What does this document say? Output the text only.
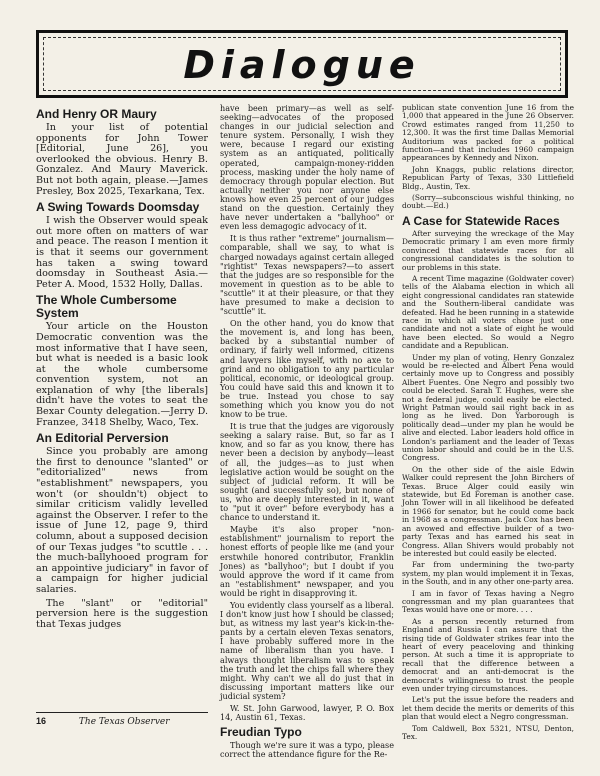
Dialogue
And Henry OR Maury

In your list of potential opponents for John Tower [Editorial, June 26], you overlooked the obvious. Henry B. Gonzalez. And Maury Maverick. But not both again, please.—James Presley, Box 2025, Texarkana, Tex.

A Swing Towards Doomsday

I wish the Observer would speak out more often on matters of war and peace. The reason I mention it is that it seems our government has taken a swing toward doomsday in Southeast Asia.—Peter A. Mood, 1532 Holly, Dallas.

The Whole Cumbersome System

Your article on the Houston Democratic convention was the most informative that I have seen, but what is needed is a basic look at the whole cumbersome convention system, not an explanation of why [the liberals] didn't have the votes to seat the Bexar County delegation.—Jerry D. Franzee, 3418 Shelby, Waco, Tex.

An Editorial Perversion

Since you probably are among the first to denounce "slanted" or "editorialized" news from "establishment" newspapers, you won't (or shouldn't) object to similar criticism validly levelled against the Observer. I refer to the issue of June 12, page 9, third column, about a supposed decision of our Texas judges "to scuttle . . . the much-ballyhooed program for an appointive judiciary" in favor of a campaign for higher judicial salaries.

The "slant" or "editorial" perversion here is the suggestion that Texas judges

16	The Texas Observer

have been primary—as well as self-seeking—advocates of the proposed changes in our judicial selection and tenure system. Personally, I wish they were, because I regard our existing system as an antiquated, politically operated, campaign-money-ridden process, masking under the holy name of democracy through popular election. But actually neither you nor anyone else knows how even 25 percent of our judges stand on the question. Certainly they have never undertaken a "ballyhoo" or even less demagogic advocacy of it.

It is thus rather "extreme" journalism—comparable, shall we say, to what is charged nowadays against certain alleged "rightist" Texas newspapers?—to assert that the judges are so responsible for the movement in question as to be able to "scuttle" it at their pleasure, or that they have presumed to make a decision to "scuttle" it.

On the other hand, you do know that the movement is, and long has been, backed by a substantial number of ordinary, if fairly well informed, citizens and lawyers like myself, with no axe to grind and no obligation to any particular political, economic, or ideological group. You could have said this and known it to be true. Instead you chose to say something which you know you do not know to be true.

It is true that the judges are vigorously seeking a salary raise. But, so far as I know, and so far as you know, there has never been a decision by anybody—least of all, the judges—as to just when legislative action would be sought on the subject of judicial reform. It will be sought (and successfully so), but none of us, who are deeply interested in it, want to "put it over" before everybody has a chance to understand it.

Maybe it's also proper "non-establishment" journalism to report the honest efforts of people like me (and your erstwhile honored contributor, Franklin Jones) as "ballyhoo"; but I doubt if you would approve the word if it came from an "establishment" newspaper, and you would be right in disapproving it.

You evidently class yourself as a liberal. I don't know just how I should be classed; but, as witness my last year's kick-in-the-pants by a certain eleven Texas senators, I have probably suffered more in the name of liberalism than you have. I always thought liberalism was to speak the truth and let the chips fall where they might. Why can't we all do just that in discussing important matters like our judicial system?

W. St. John Garwood, lawyer, P. O. Box 14, Austin 61, Texas.

Freudian Typo

Though we're sure it was a typo, please correct the attendance figure for the Re-

publican state convention June 16 from the 1,000 that appeared in the June 26 Observer. Crowd estimates ranged from 11,250 to 12,300. It was the first time Dallas Memorial Auditorium was packed for a political function—and that includes 1960 campaign appearances by Kennedy and Nixon.

John Knaggs, public relations director, Republican Party of Texas, 330 Littlefield Bldg., Austin, Tex.

(Sorry—subconscious wishful thinking, no doubt.—Ed.)

A Case for Statewide Races

After surveying the wreckage of the May Democratic primary I am even more firmly convinced that statewide races for all congressional candidates is the solution to our problems in this state.

A recent Time magazine (Goldwater cover) tells of the Alabama election in which all eight congressional candidates ran statewide and the Southern-liberal candidate was defeated. Had he been running in a statewide race in which all voters chose just one candidate and not a slate of eight he would have been elected. So would a Negro candidate and a Republican.

Under my plan of voting, Henry Gonzalez would be re-elected and Albert Pena would certainly move up to Congress and possibly Albert Fuentes. One Negro and possibly two could be elected. Sarah T. Hughes, were she not a federal judge, could easily be elected. Wright Patman would sail right back in as long as he lived. Don Yarborough is politically dead—under my plan he would be alive and elected. Labor leaders hold office in London's parliament and the leader of Texas union labor should and could be in the U.S. Congress.

On the other side of the aisle Edwin Walker could represent the John Birchers of Texas. Bruce Alger could easily win statewide, but Ed Foreman is another case. John Tower will in all likelihood be defeated in 1966 for senator, but he could come back in 1968 as a congressman. Jack Cox has been an avowed and effective builder of a two-party Texas and has earned his seat in Congress. Allan Shivers would probably not be interested but could easily be elected.

Far from undermining the two-party system, my plan would implement it in Texas, in the South, and in any other one-party area.

I am in favor of Texas having a Negro congressman and my plan guarantees that Texas would have one or more. . . .

As a person recently returned from England and Russia I can assure that the rising tide of Goldwater strikes fear into the heart of every peaceloving and thinking person. At such a time it is appropriate to recall that the difference between a democrat and an anti-democrat is the democrat's willingness to trust the people even under trying circumstances.

Let's put the issue before the readers and let them decide the merits or demerits of this plan that would elect a Negro congressman.

Tom Caldwell, Box 5321, NTSU, Denton, Tex.
